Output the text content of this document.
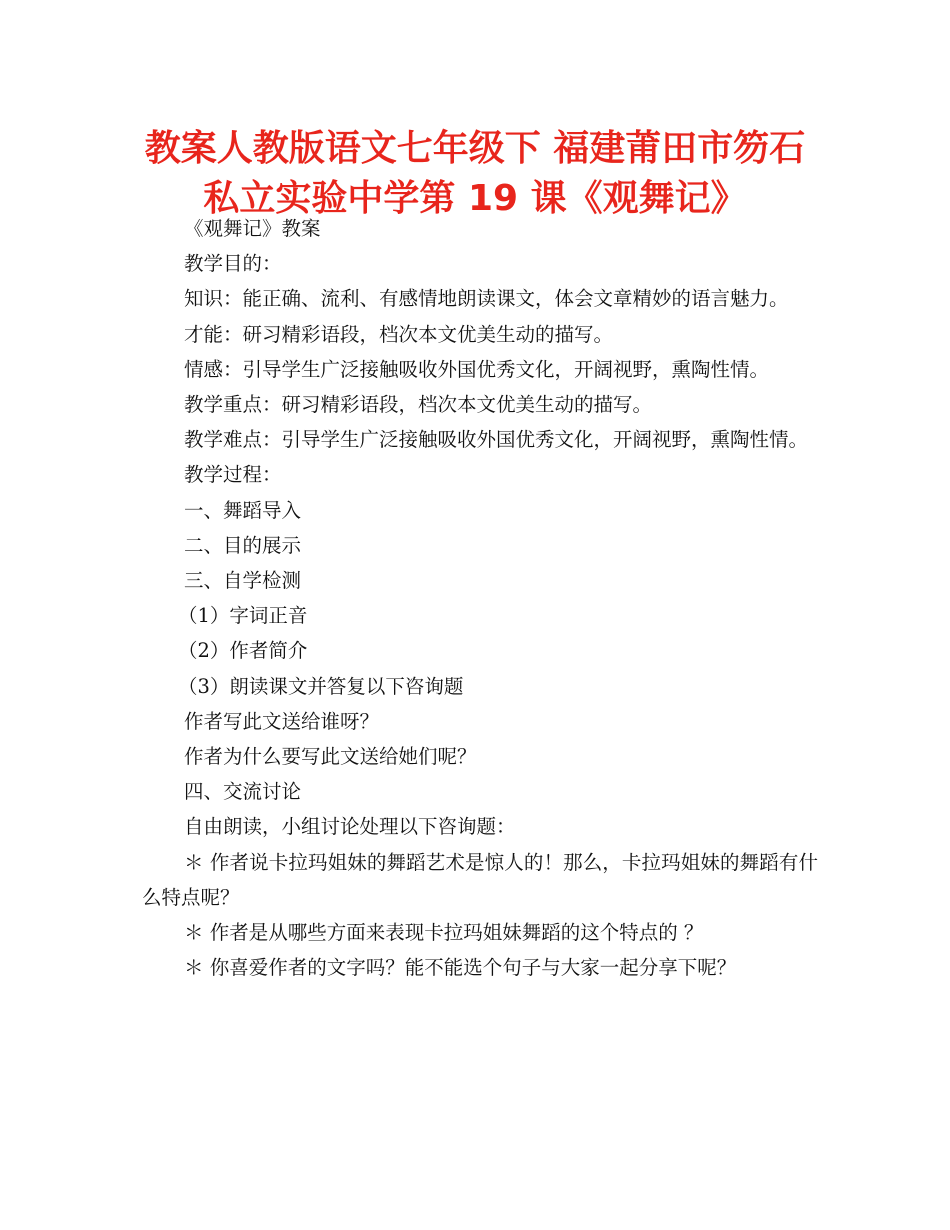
教案人教版语文七年级下 福建莆田市笏石
私立实验中学第 19 课《观舞记》

《观舞记》教案

教学目的：

知识：能正确、流利、有感情地朗读课文，体会文章精妙的语言魅力。

才能：研习精彩语段，档次本文优美生动的描写。

情感：引导学生广泛接触吸收外国优秀文化，开阔视野，熏陶性情。

教学重点：研习精彩语段，档次本文优美生动的描写。

教学难点：引导学生广泛接触吸收外国优秀文化，开阔视野，熏陶性情。

教学过程：

一、舞蹈导入

二、目的展示

三、自学检测

（1）字词正音

（2）作者简介

（3）朗读课文并答复以下咨询题

作者写此文送给谁呀？

作者为什么要写此文送给她们呢？

四、交流讨论

自由朗读，小组讨论处理以下咨询题：

＊ 作者说卡拉玛姐妹的舞蹈艺术是惊人的！那么，卡拉玛姐妹的舞蹈有什么特点呢？

＊ 作者是从哪些方面来表现卡拉玛姐妹舞蹈的这个特点的 ？

＊ 你喜爱作者的文字吗？能不能选个句子与大家一起分享下呢？
